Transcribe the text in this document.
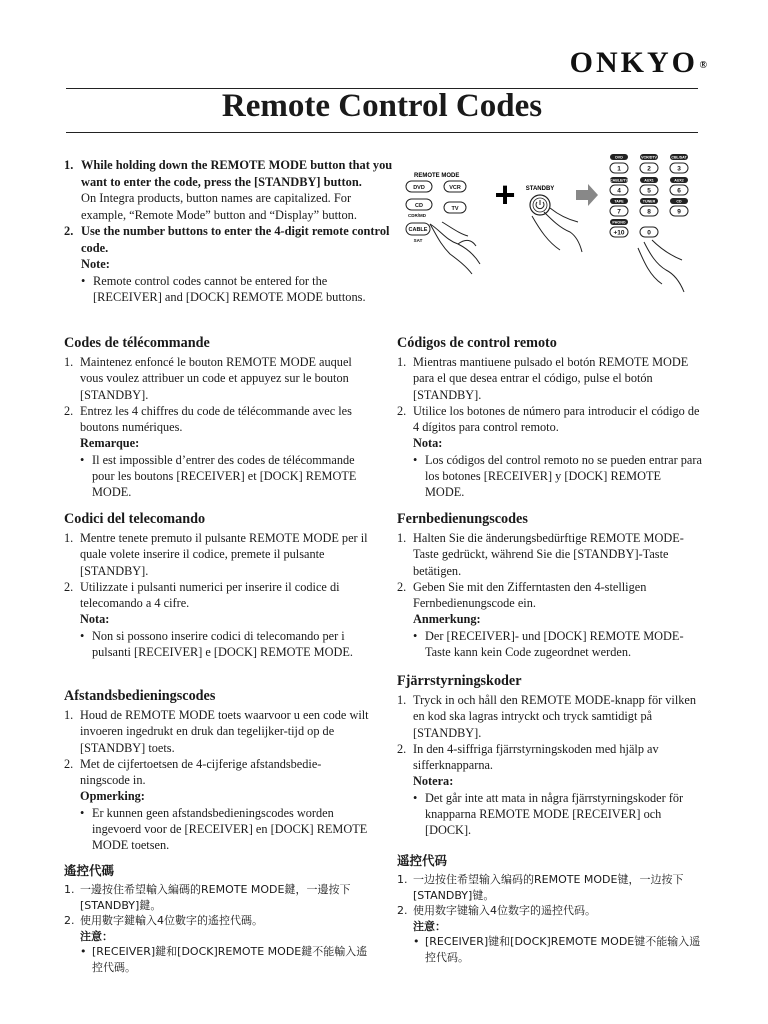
ONKYO ®
Remote Control Codes
1. While holding down the REMOTE MODE button that you want to enter the code, press the [STANDBY] button.
On Integra products, button names are capitalized. For example, “Remote Mode” button and “Display” button.
2. Use the number buttons to enter the 4-digit remote control code.
Note:
• Remote control codes cannot be entered for the [RECEIVER] and [DOCK] REMOTE MODE buttons.
REMOTE MODE
DVD	VCR
CD	TV
CDR/MD
CABLE
SAT
+ STANDBY
DVD	VCR/DTV	CBL/SAT
CABLE/TV	AUX1	AUX2
TAPE	TUNER	CD
PHONO
1	2	3
4	5	6
7	8	9
+10	0
Codes de télécommande
1. Maintenez enfoncé le bouton REMOTE MODE auquel vous voulez attribuer un code et appuyez sur le bouton [STANDBY].
2. Entrez les 4 chiffres du code de télécommande avec les boutons numériques.
Remarque:
• Il est impossible d’entrer des codes de télécommande pour les boutons [RECEIVER] et [DOCK] REMOTE MODE.
Códigos de control remoto
1. Mientras mantiuene pulsado el botón REMOTE MODE para el que desea entrar el código, pulse el botón [STANDBY].
2. Utilice los botones de número para introducir el código de 4 dígitos para control remoto.
Nota:
• Los códigos del control remoto no se pueden entrar para los botones [RECEIVER] y [DOCK] REMOTE MODE.
Codici del telecomando
1. Mentre tenete premuto il pulsante REMOTE MODE per il quale volete inserire il codice, premete il pulsante [STANDBY].
2. Utilizzate i pulsanti numerici per inserire il codice di telecomando a 4 cifre.
Nota:
• Non si possono inserire codici di telecomando per i pulsanti [RECEIVER] e [DOCK] REMOTE MODE.
Fernbedienungscodes
1. Halten Sie die änderungsbedürftige REMOTE MODE-Taste gedrückt, während Sie die [STANDBY]-Taste betätigen.
2. Geben Sie mit den Zifferntasten den 4-stelligen Fernbedienungscode ein.
Anmerkung:
• Der [RECEIVER]- und [DOCK] REMOTE MODE-Taste kann kein Code zugeordnet werden.
Afstandsbedieningscodes
1. Houd de REMOTE MODE toets waarvoor u een code wilt invoeren ingedrukt en druk dan tegelijker-tijd op de [STANDBY] toets.
2. Met de cijfertoetsen de 4-cijferige afstandsbedie-ningscode in.
Opmerking:
• Er kunnen geen afstandsbedieningscodes worden ingevoerd voor de [RECEIVER] en [DOCK] REMOTE MODE toetsen.
Fjärrstyrningskoder
1. Tryck in och håll den REMOTE MODE-knapp för vilken en kod ska lagras intryckt och tryck samtidigt på [STANDBY].
2. In den 4-siffriga fjärrstyrningskoden med hjälp av sifferknapparna.
Notera:
• Det går inte att mata in några fjärrstyrningskoder för knapparna REMOTE MODE [RECEIVER] och [DOCK].
遙控代碼
1. 一邊按住希望輸入編碼的REMOTE MODE鍵，一邊按下[STANDBY]鍵。
2. 使用數字鍵輸入4位數字的遙控代碼。
注意：
• [RECEIVER]鍵和[DOCK]REMOTE MODE鍵不能輸入遙控代碼。
遥控代码
1. 一边按住希望输入编码的REMOTE MODE键，一边按下[STANDBY]键。
2. 使用数字键输入4位数字的遥控代码。
注意：
• [RECEIVER]键和[DOCK]REMOTE MODE键不能输入遥控代码。
